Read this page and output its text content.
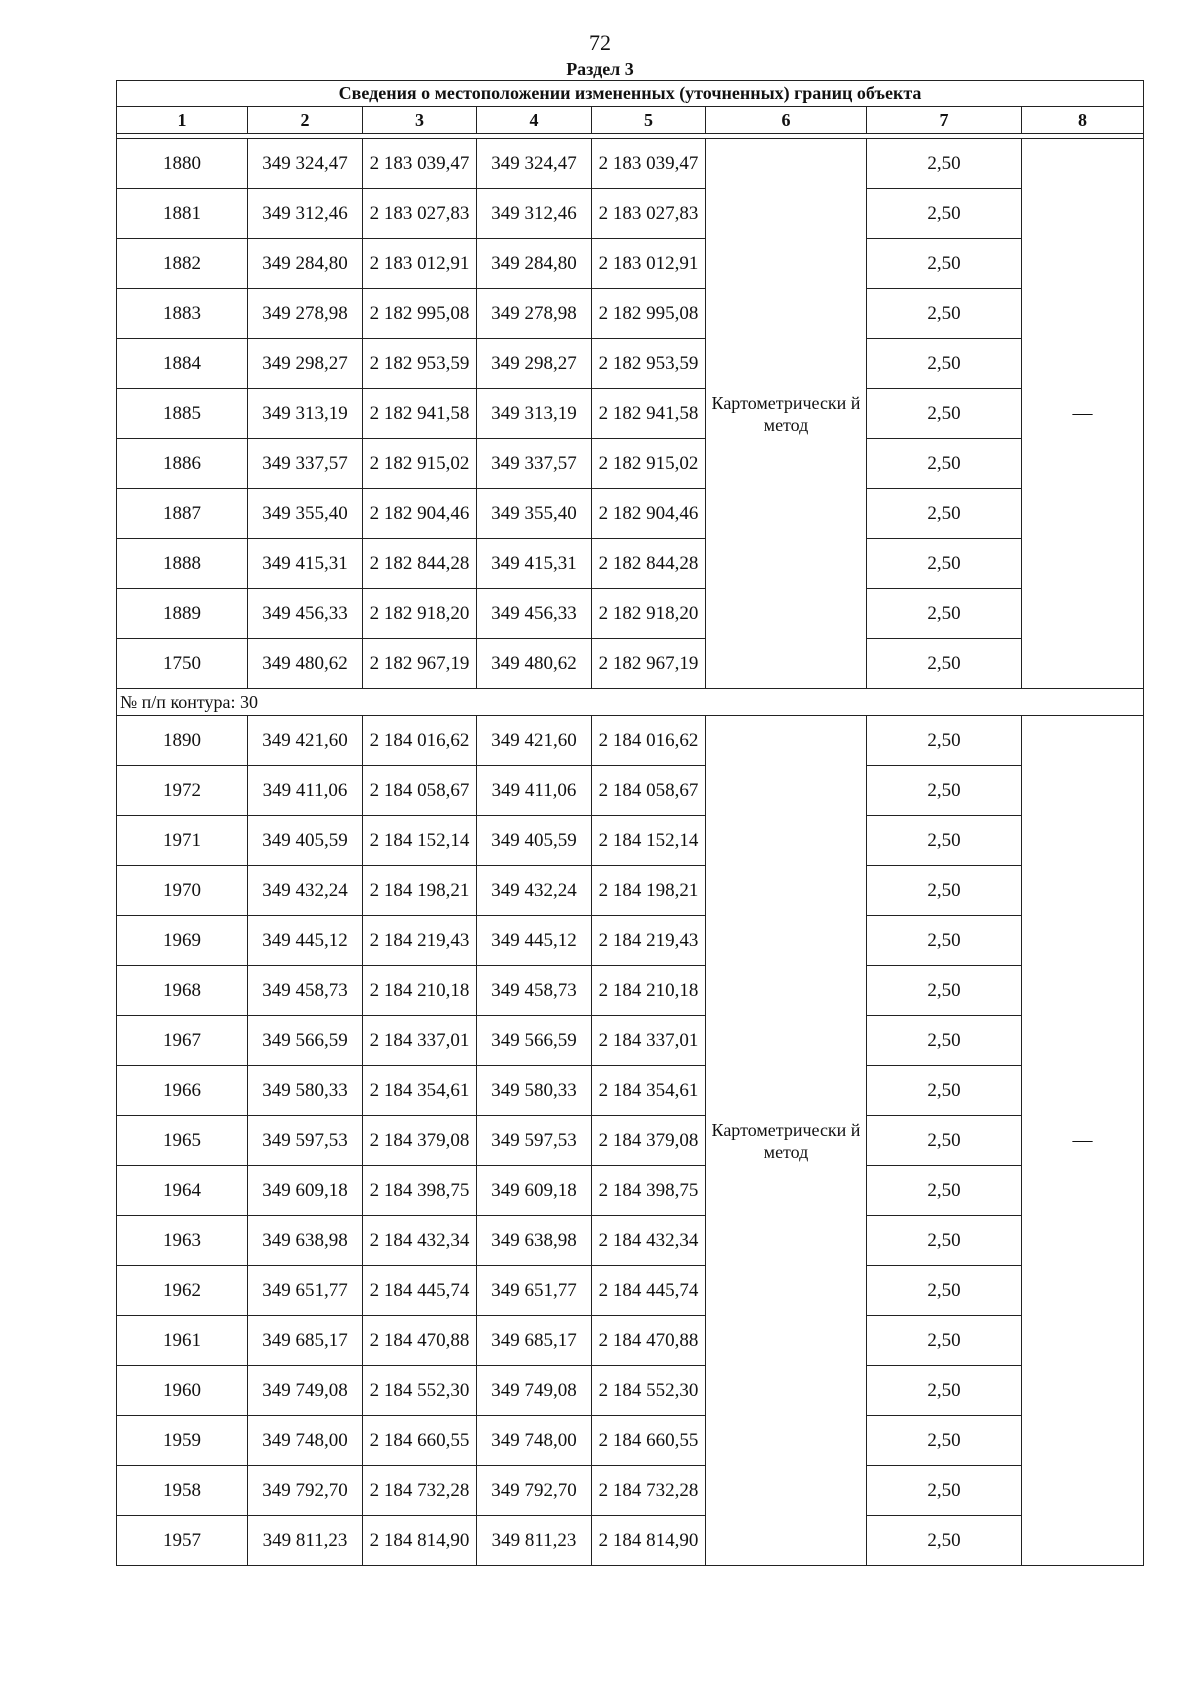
72
Раздел 3
Сведения о местоположении измененных (уточненных) границ объекта							
1	2	3	4	5	6	7	8

1880	349 324,47	2 183 039,47	349 324,47	2 183 039,47	Картометрически й метод	2,50	—
1881	349 312,46	2 183 027,83	349 312,46	2 183 027,83		2,50	
1882	349 284,80	2 183 012,91	349 284,80	2 183 012,91		2,50	
1883	349 278,98	2 182 995,08	349 278,98	2 182 995,08		2,50	
1884	349 298,27	2 182 953,59	349 298,27	2 182 953,59		2,50	
1885	349 313,19	2 182 941,58	349 313,19	2 182 941,58		2,50	
1886	349 337,57	2 182 915,02	349 337,57	2 182 915,02		2,50	
1887	349 355,40	2 182 904,46	349 355,40	2 182 904,46		2,50	
1888	349 415,31	2 182 844,28	349 415,31	2 182 844,28		2,50	
1889	349 456,33	2 182 918,20	349 456,33	2 182 918,20		2,50	
1750	349 480,62	2 182 967,19	349 480,62	2 182 967,19		2,50	
№ п/п контура: 30							
1890	349 421,60	2 184 016,62	349 421,60	2 184 016,62	Картометрически й метод	2,50	—
1972	349 411,06	2 184 058,67	349 411,06	2 184 058,67		2,50	
1971	349 405,59	2 184 152,14	349 405,59	2 184 152,14		2,50	
1970	349 432,24	2 184 198,21	349 432,24	2 184 198,21		2,50	
1969	349 445,12	2 184 219,43	349 445,12	2 184 219,43		2,50	
1968	349 458,73	2 184 210,18	349 458,73	2 184 210,18		2,50	
1967	349 566,59	2 184 337,01	349 566,59	2 184 337,01		2,50	
1966	349 580,33	2 184 354,61	349 580,33	2 184 354,61		2,50	
1965	349 597,53	2 184 379,08	349 597,53	2 184 379,08		2,50	
1964	349 609,18	2 184 398,75	349 609,18	2 184 398,75		2,50	
1963	349 638,98	2 184 432,34	349 638,98	2 184 432,34		2,50	
1962	349 651,77	2 184 445,74	349 651,77	2 184 445,74		2,50	
1961	349 685,17	2 184 470,88	349 685,17	2 184 470,88		2,50	
1960	349 749,08	2 184 552,30	349 749,08	2 184 552,30		2,50	
1959	349 748,00	2 184 660,55	349 748,00	2 184 660,55		2,50	
1958	349 792,70	2 184 732,28	349 792,70	2 184 732,28		2,50	
1957	349 811,23	2 184 814,90	349 811,23	2 184 814,90		2,50	
